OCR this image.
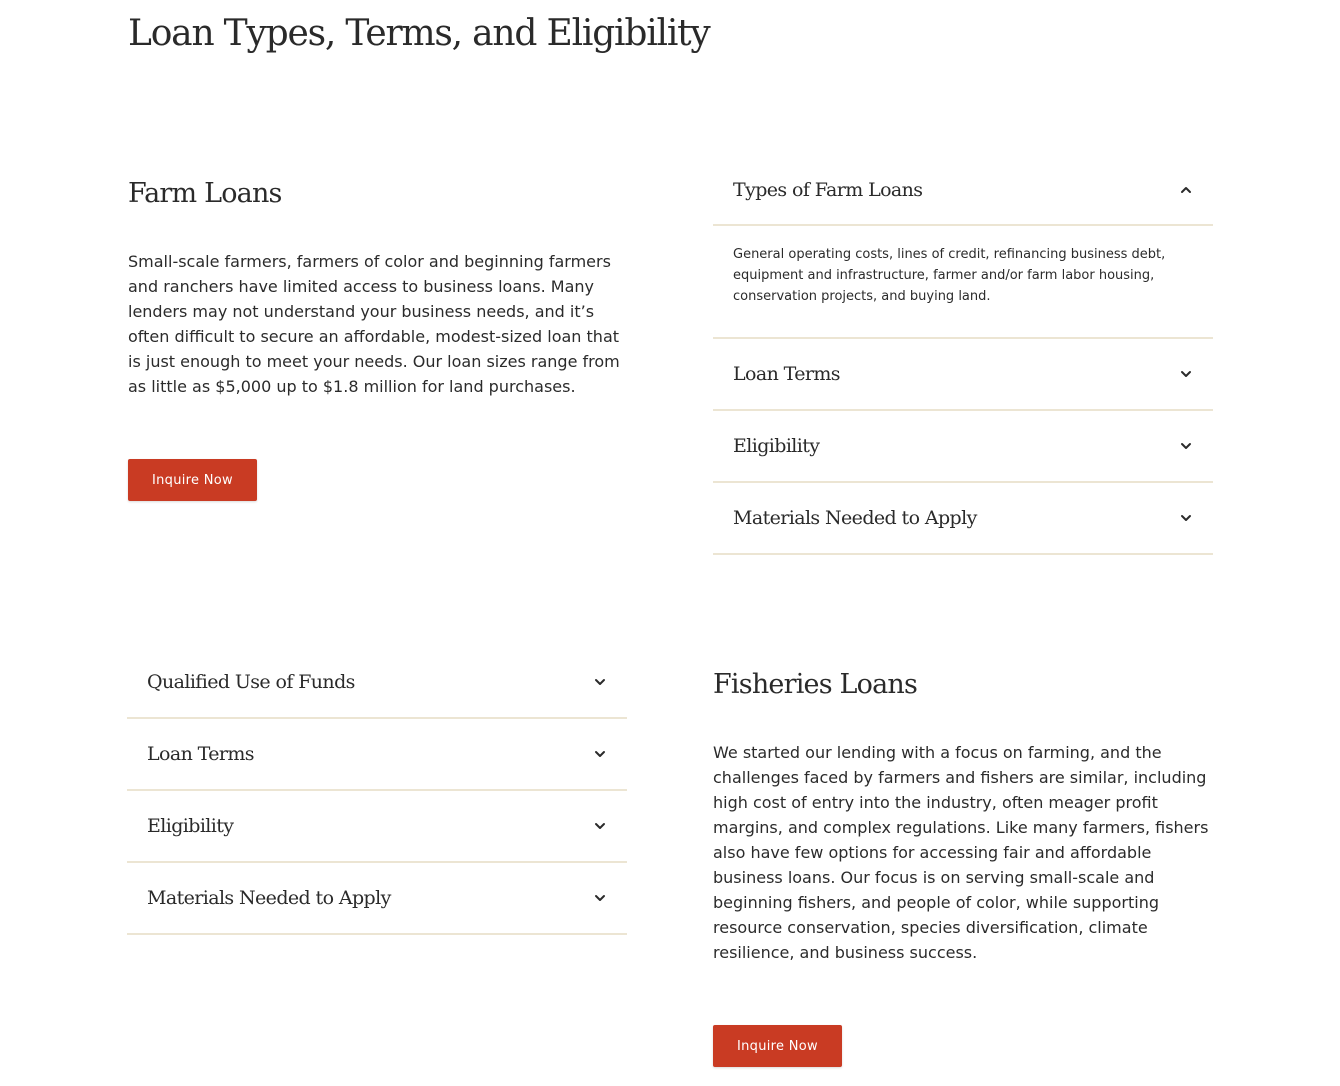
Loan Types, Terms, and Eligibility
Farm Loans

Small-scale farmers, farmers of color and beginning farmers and ranchers have limited access to business loans. Many lenders may not understand your business needs, and it’s often difficult to secure an affordable, modest-sized loan that is just enough to meet your needs. Our loan sizes range from as little as $5,000 up to $1.8 million for land purchases.

Inquire Now
Types of Farm Loans
General operating costs, lines of credit, refinancing business debt, equipment and infrastructure, farmer and/or farm labor housing, conservation projects, and buying land.
Loan Terms
Eligibility
Materials Needed to Apply
Qualified Use of Funds
Loan Terms
Eligibility
Materials Needed to Apply
Fisheries Loans

We started our lending with a focus on farming, and the challenges faced by farmers and fishers are similar, including high cost of entry into the industry, often meager profit margins, and complex regulations. Like many farmers, fishers also have few options for accessing fair and affordable business loans. Our focus is on serving small-scale and beginning fishers, and people of color, while supporting resource conservation, species diversification, climate resilience, and business success.

Inquire Now
